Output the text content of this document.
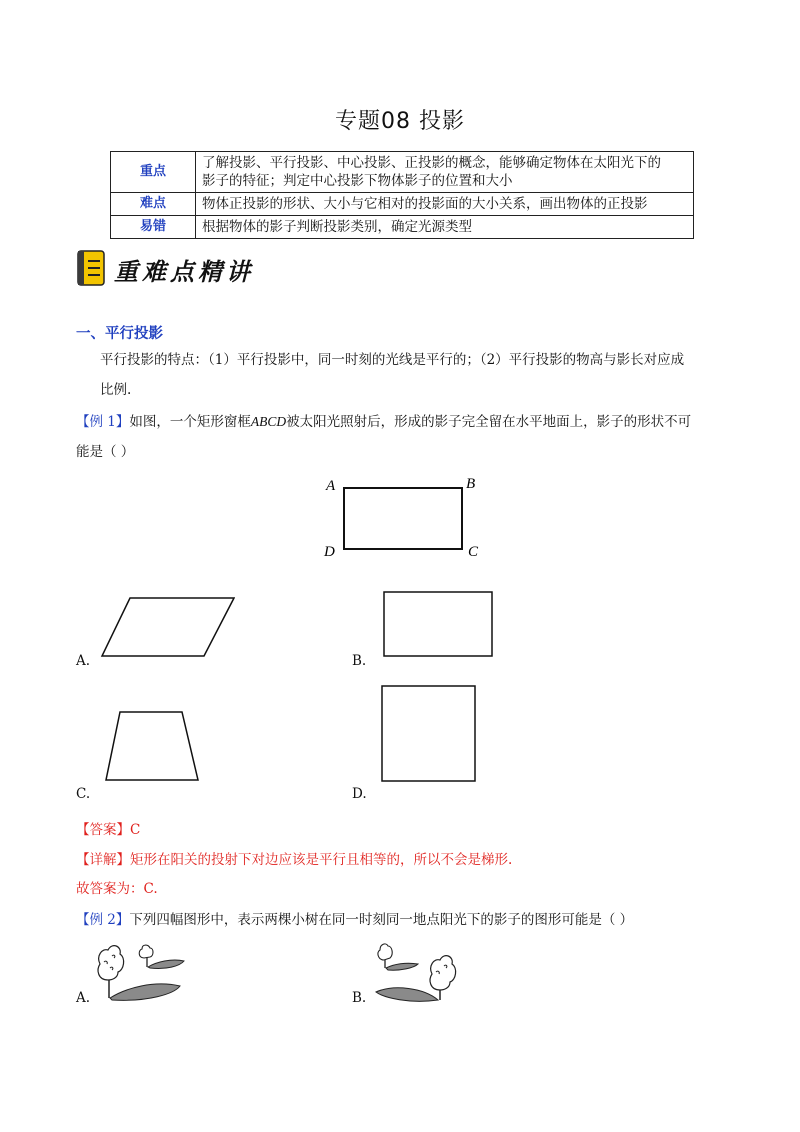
专题08 投影
重点	了解投影、平行投影、中心投影、正投影的概念，能够确定物体在太阳光下的
影子的特征；判定中心投影下物体影子的位置和大小

难点	物体正投影的形状、大小与它相对的投影面的大小关系，画出物体的正投影
易错	根据物体的影子判断投影类别，确定光源类型
重难点精讲
一、平行投影
平行投影的特点：（1）平行投影中，同一时刻的光线是平行的；（2）平行投影的物高与影长对应成
比例.
【例 1】如图，一个矩形窗框ABCD被太阳光照射后，形成的影子完全留在水平地面上，影子的形状不可
能是（ ）
A	B
C
D
A.	B.
C.	D.
【答案】C
【详解】矩形在阳关的投射下对边应该是平行且相等的，所以不会是梯形.
故答案为：C.
【例 2】下列四幅图形中，表示两棵小树在同一时刻同一地点阳光下的影子的图形可能是（ ）
A.	B.
